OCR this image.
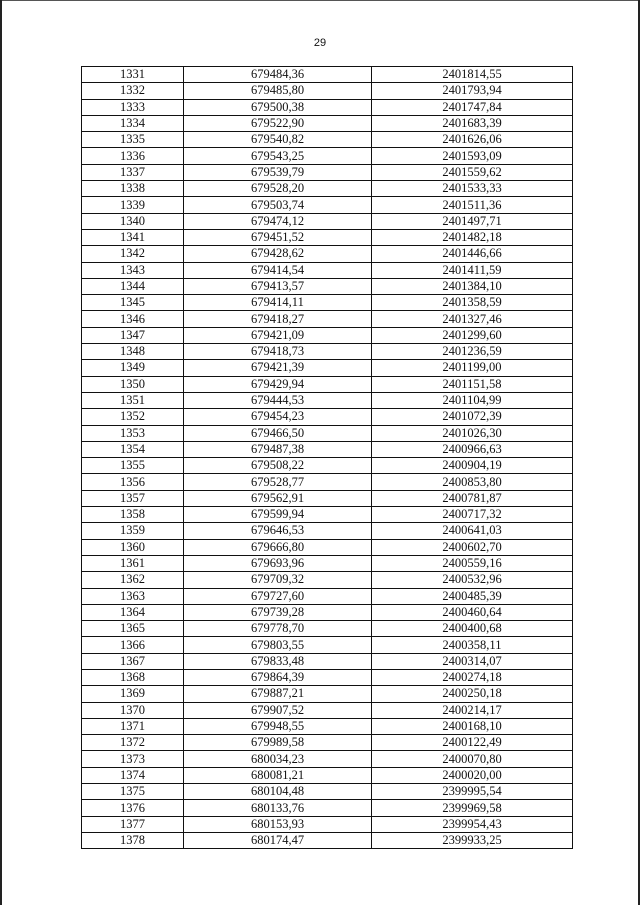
29
1331	679484,36	2401814,55
1332	679485,80	2401793,94
1333	679500,38	2401747,84
1334	679522,90	2401683,39
1335	679540,82	2401626,06
1336	679543,25	2401593,09
1337	679539,79	2401559,62
1338	679528,20	2401533,33
1339	679503,74	2401511,36
1340	679474,12	2401497,71
1341	679451,52	2401482,18
1342	679428,62	2401446,66
1343	679414,54	2401411,59
1344	679413,57	2401384,10
1345	679414,11	2401358,59
1346	679418,27	2401327,46
1347	679421,09	2401299,60
1348	679418,73	2401236,59
1349	679421,39	2401199,00
1350	679429,94	2401151,58
1351	679444,53	2401104,99
1352	679454,23	2401072,39
1353	679466,50	2401026,30
1354	679487,38	2400966,63
1355	679508,22	2400904,19
1356	679528,77	2400853,80
1357	679562,91	2400781,87
1358	679599,94	2400717,32
1359	679646,53	2400641,03
1360	679666,80	2400602,70
1361	679693,96	2400559,16
1362	679709,32	2400532,96
1363	679727,60	2400485,39
1364	679739,28	2400460,64
1365	679778,70	2400400,68
1366	679803,55	2400358,11
1367	679833,48	2400314,07
1368	679864,39	2400274,18
1369	679887,21	2400250,18
1370	679907,52	2400214,17
1371	679948,55	2400168,10
1372	679989,58	2400122,49
1373	680034,23	2400070,80
1374	680081,21	2400020,00
1375	680104,48	2399995,54
1376	680133,76	2399969,58
1377	680153,93	2399954,43
1378	680174,47	2399933,25
